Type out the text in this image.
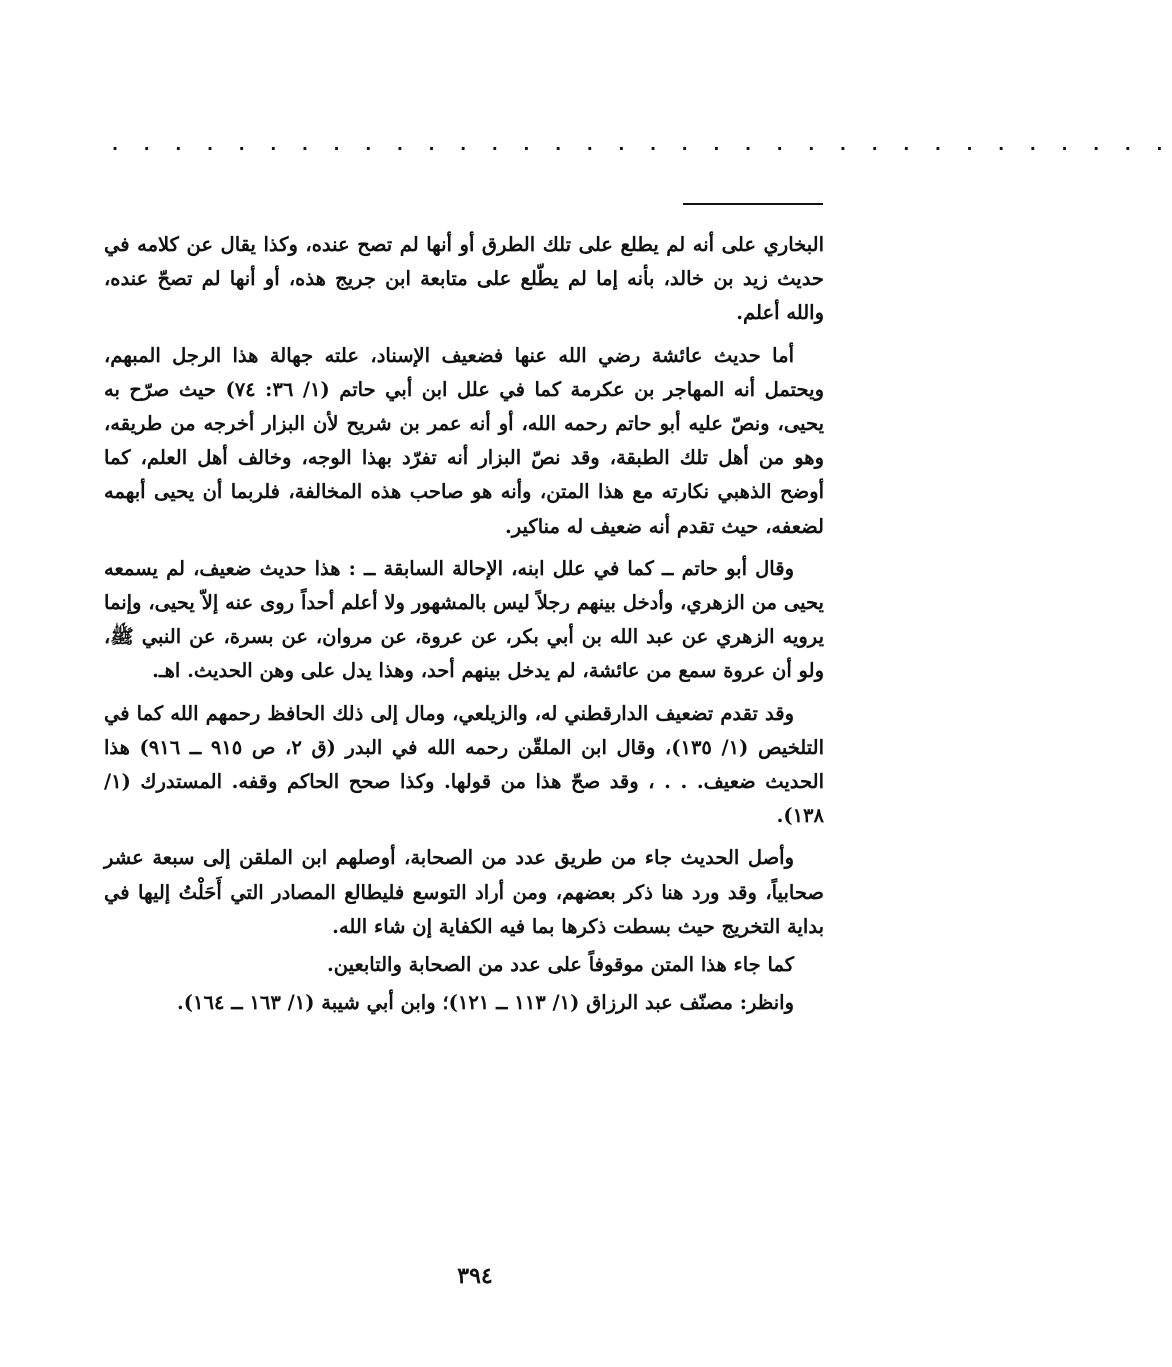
· · · · · · · · · · · · · · · · · · · · · · · · · · · · · · · · · ·

البخاري على أنه لم يطلع على تلك الطرق أو أنها لم تصح عنده، وكذا يقال عن كلامه في حديث زيد بن خالد، بأنه إما لم يطّلع على متابعة ابن جريج هذه، أو أنها لم تصحّ عنده، والله أعلم.

أما حديث عائشة رضي الله عنها فضعيف الإسناد، علته جهالة هذا الرجل المبهم، ويحتمل أنه المهاجر بن عكرمة كما في علل ابن أبي حاتم (١/ ٣٦: ٧٤) حيث صرّح به يحيى، ونصّ عليه أبو حاتم رحمه الله، أو أنه عمر بن شريح لأن البزار أخرجه من طريقه، وهو من أهل تلك الطبقة، وقد نصّ البزار أنه تفرّد بهذا الوجه، وخالف أهل العلم، كما أوضح الذهبي نكارته مع هذا المتن، وأنه هو صاحب هذه المخالفة، فلربما أن يحيى أبهمه لضعفه، حيث تقدم أنه ضعيف له مناكير.

وقال أبو حاتم ــ كما في علل ابنه، الإحالة السابقة ــ : هذا حديث ضعيف، لم يسمعه يحيى من الزهري، وأدخل بينهم رجلاً ليس بالمشهور ولا أعلم أحداً روى عنه إلاّ يحيى، وإنما يرويه الزهري عن عبد الله بن أبي بكر، عن عروة، عن مروان، عن بسرة، عن النبي ﷺ، ولو أن عروة سمع من عائشة، لم يدخل بينهم أحد، وهذا يدل على وهن الحديث. اهـ.

وقد تقدم تضعيف الدارقطني له، والزيلعي، ومال إلى ذلك الحافظ رحمهم الله كما في التلخيص (١/ ١٣٥)، وقال ابن الملقّن رحمه الله في البدر (ق ٢، ص ٩١٥ ــ ٩١٦) هذا الحديث ضعيف. . . ، وقد صحّ هذا من قولها. وكذا صحح الحاكم وقفه. المستدرك (١/ ١٣٨).

وأصل الحديث جاء من طريق عدد من الصحابة، أوصلهم ابن الملقن إلى سبعة عشر صحابياً، وقد ورد هنا ذكر بعضهم، ومن أراد التوسع فليطالع المصادر التي أَحَلْتُ إليها في بداية التخريج حيث بسطت ذكرها بما فيه الكفاية إن شاء الله.

كما جاء هذا المتن موقوفاً على عدد من الصحابة والتابعين.

وانظر: مصنّف عبد الرزاق (١/ ١١٣ ــ ١٢١)؛ وابن أبي شيبة (١/ ١٦٣ ــ ١٦٤).

٣٩٤
